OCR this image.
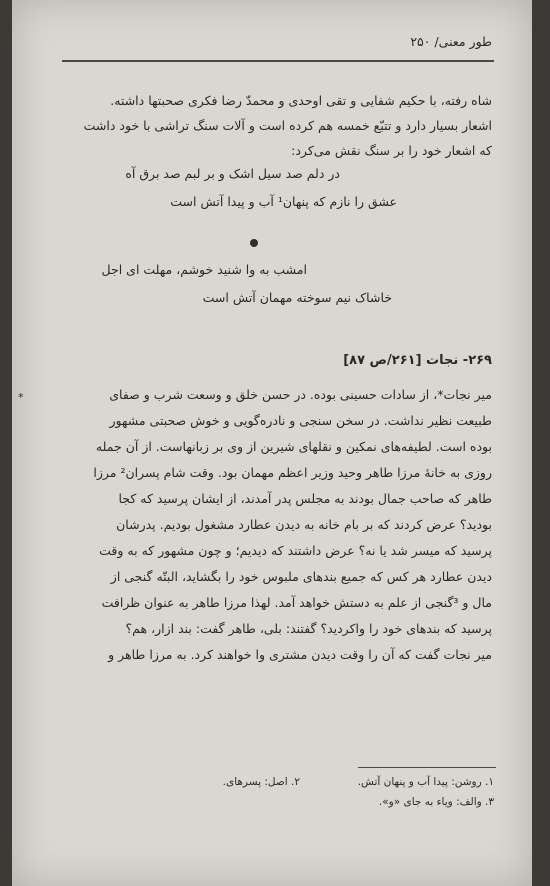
طور معنی/ ۲۵۰
شاه رفته، با حکیم شفایی و تقی اوحدی و محمدّ رضا فکری صحبتها داشته.
اشعار بسیار دارد و تتبّع خمسه هم کرده است و آلات سنگ تراشی با خود داشت
که اشعار خود را بر سنگ نقش می‌کرد:
در دلم صد سیل اشک و بر لبم صد برق آه
عشق را نازم که پنهان¹ آب و پیدا آتش است
امشب به وا شنید خوشم، مهلت ای اجل
خاشاک نیم سوخته مهمان آتش است
۲۶۹- نجات [۲۶۱/ص ۸۷]
*	میر نجات*، از سادات حسینی بوده. در حسن خلق و وسعت شرب و صفای
طبیعت نظیر نداشت. در سخن سنجی و نادره‌گویی و خوش صحبتی مشهور
بوده است. لطیفه‌های نمکین و نقلهای شیرین از وی بر زبانهاست. از آن جمله
روزی به خانهٔ مرزا طاهر وحید وزیر اعظم مهمان بود. وقت شام پسران² مرزا
طاهر که صاحب جمال بودند به مجلس پدر آمدند، از ایشان پرسید که کجا
بودید؟ عرض کردند که بر بام خانه به دیدن عطارد مشغول بودیم. پدرشان
پرسید که میسر شد یا نه؟ عرض داشتند که دیدیم؛ و چون مشهور که به وقت
دیدن عطارد هر کس که جمیع بندهای ملبوس خود را بگشاید، البتّه گنجی از
مال و ³گنجی از علم به دستش خواهد آمد. لهذا مرزا طاهر به عنوان ظرافت
پرسید که بندهای خود را واکردید؟ گفتند: بلی، طاهر گفت: بند ازار، هم؟
میر نجات گفت که آن را وقت دیدن مشتری وا خواهند کرد. به مرزا طاهر و
۱. روشن: پیدا آب و پنهان آتش.
۲. اصل: پسرهای.
۳. والف: ویاء به جای «و».
